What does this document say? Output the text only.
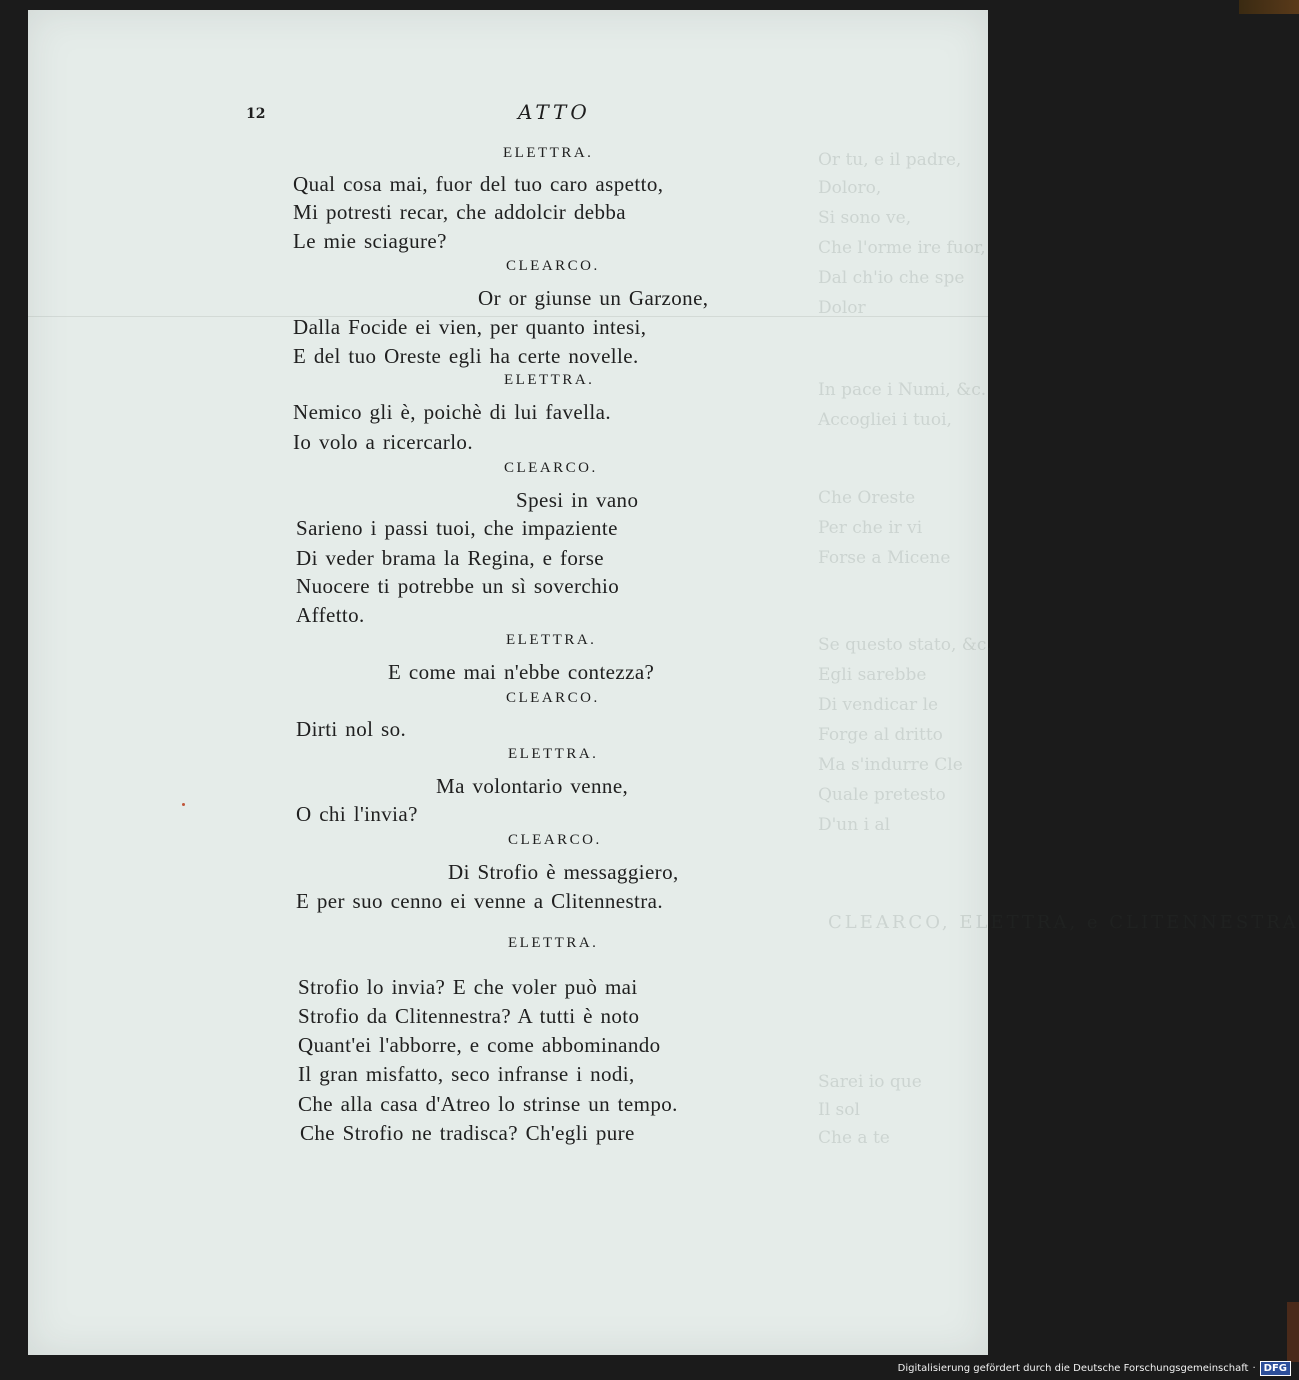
Or tu, e il padre,
Doloro,
Si sono ve,
Che l'orme ire fuor,
Dal ch'io che spe
Dolor
In pace i Numi, &c.
Accogliei i tuoi,
Che Oreste
Per che ir vi
Forse a Micene
Se questo stato, &c.
Egli sarebbe
Di vendicar le
Forge al dritto
Ma s'indurre Cle
Quale pretesto
D'un i al
CLEARCO, ELETTRA, e CLITENNESTRA
Sarei io que
Il sol
Che a te
12	ATTO
ELETTRA.
Qual cosa mai, fuor del tuo caro aspetto,
Mi potresti recar, che addolcir debba
Le mie sciagure?
CLEARCO.
Or or giunse un Garzone,
Dalla Focide ei vien, per quanto intesi,
E del tuo Oreste egli ha certe novelle.
ELETTRA.
Nemico gli è, poichè di lui favella.
Io volo a ricercarlo.
CLEARCO.
Spesi in vano
Sarieno i passi tuoi, che impaziente
Di veder brama la Regina, e forse
Nuocere ti potrebbe un sì soverchio
Affetto.
ELETTRA.
E come mai n'ebbe contezza?
CLEARCO.
Dirti nol so.
ELETTRA.
Ma volontario venne,
O chi l'invia?
CLEARCO.
Di Strofio è messaggiero,
E per suo cenno ei venne a Clitennestra.
ELETTRA.
Strofio lo invia? E che voler può mai
Strofio da Clitennestra? A tutti è noto
Quant'ei l'abborre, e come abbominando
Il gran misfatto, seco infranse i nodi,
Che alla casa d'Atreo lo strinse un tempo.
Che Strofio ne tradisca? Ch'egli pure
Digitalisierung gefördert durch die Deutsche Forschungsgemeinschaft · DFG
